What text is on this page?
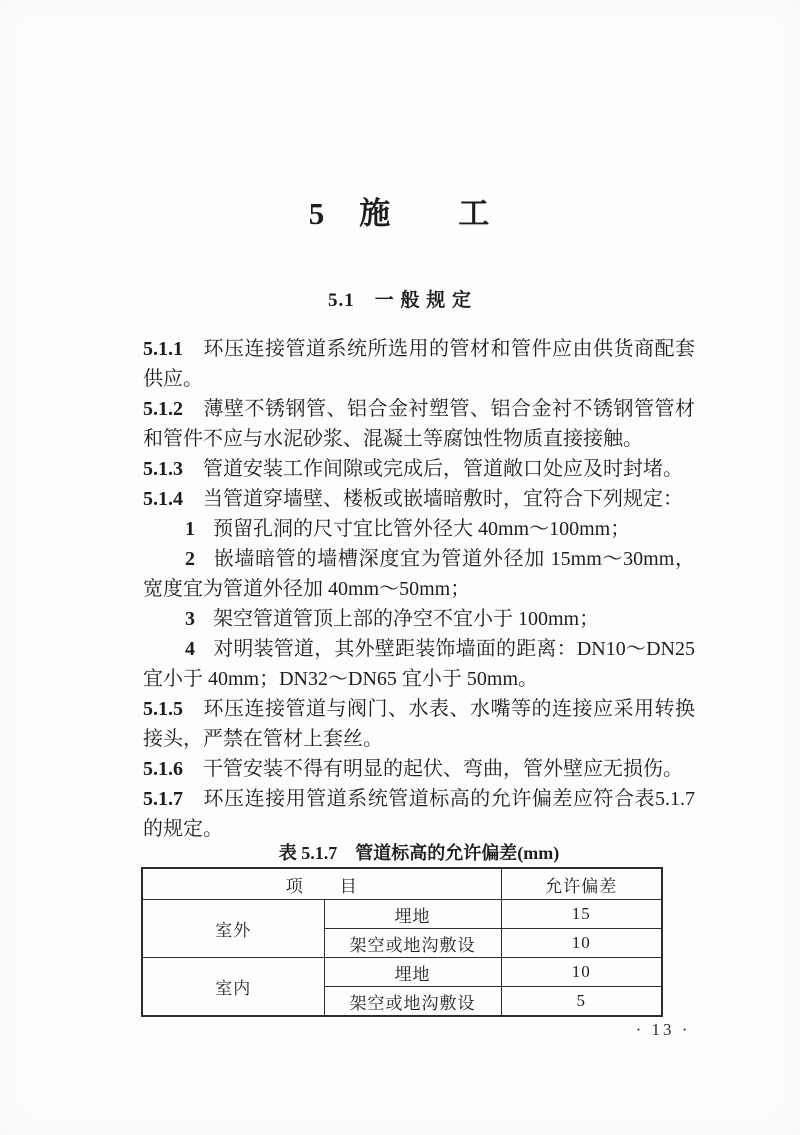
5　施　　工
5.1　一 般 规 定

5.1.1 环压连接管道系统所选用的管材和管件应由供货商配套供应。

5.1.2 薄壁不锈钢管、铝合金衬塑管、铝合金衬不锈钢管管材和管件不应与水泥砂浆、混凝土等腐蚀性物质直接接触。

5.1.3 管道安装工作间隙或完成后，管道敞口处应及时封堵。

5.1.4 当管道穿墙壁、楼板或嵌墙暗敷时，宜符合下列规定：

1 预留孔洞的尺寸宜比管外径大 40mm～100mm；

2 嵌墙暗管的墙槽深度宜为管道外径加 15mm～30mm，宽度宜为管道外径加 40mm～50mm；

3 架空管道管顶上部的净空不宜小于 100mm；

4 对明装管道，其外壁距装饰墙面的距离：DN10～DN25 宜小于 40mm；DN32～DN65 宜小于 50mm。

5.1.5 环压连接管道与阀门、水表、水嘴等的连接应采用转换接头，严禁在管材上套丝。

5.1.6 干管安装不得有明显的起伏、弯曲，管外壁应无损伤。

5.1.7 环压连接用管道系统管道标高的允许偏差应符合表5.1.7 的规定。

表 5.1.7　管道标高的允许偏差(mm)
项　　目		允许偏差
室外	埋地	15
	架空或地沟敷设	10
室内	埋地	10
	架空或地沟敷设	5
· 13 ·
